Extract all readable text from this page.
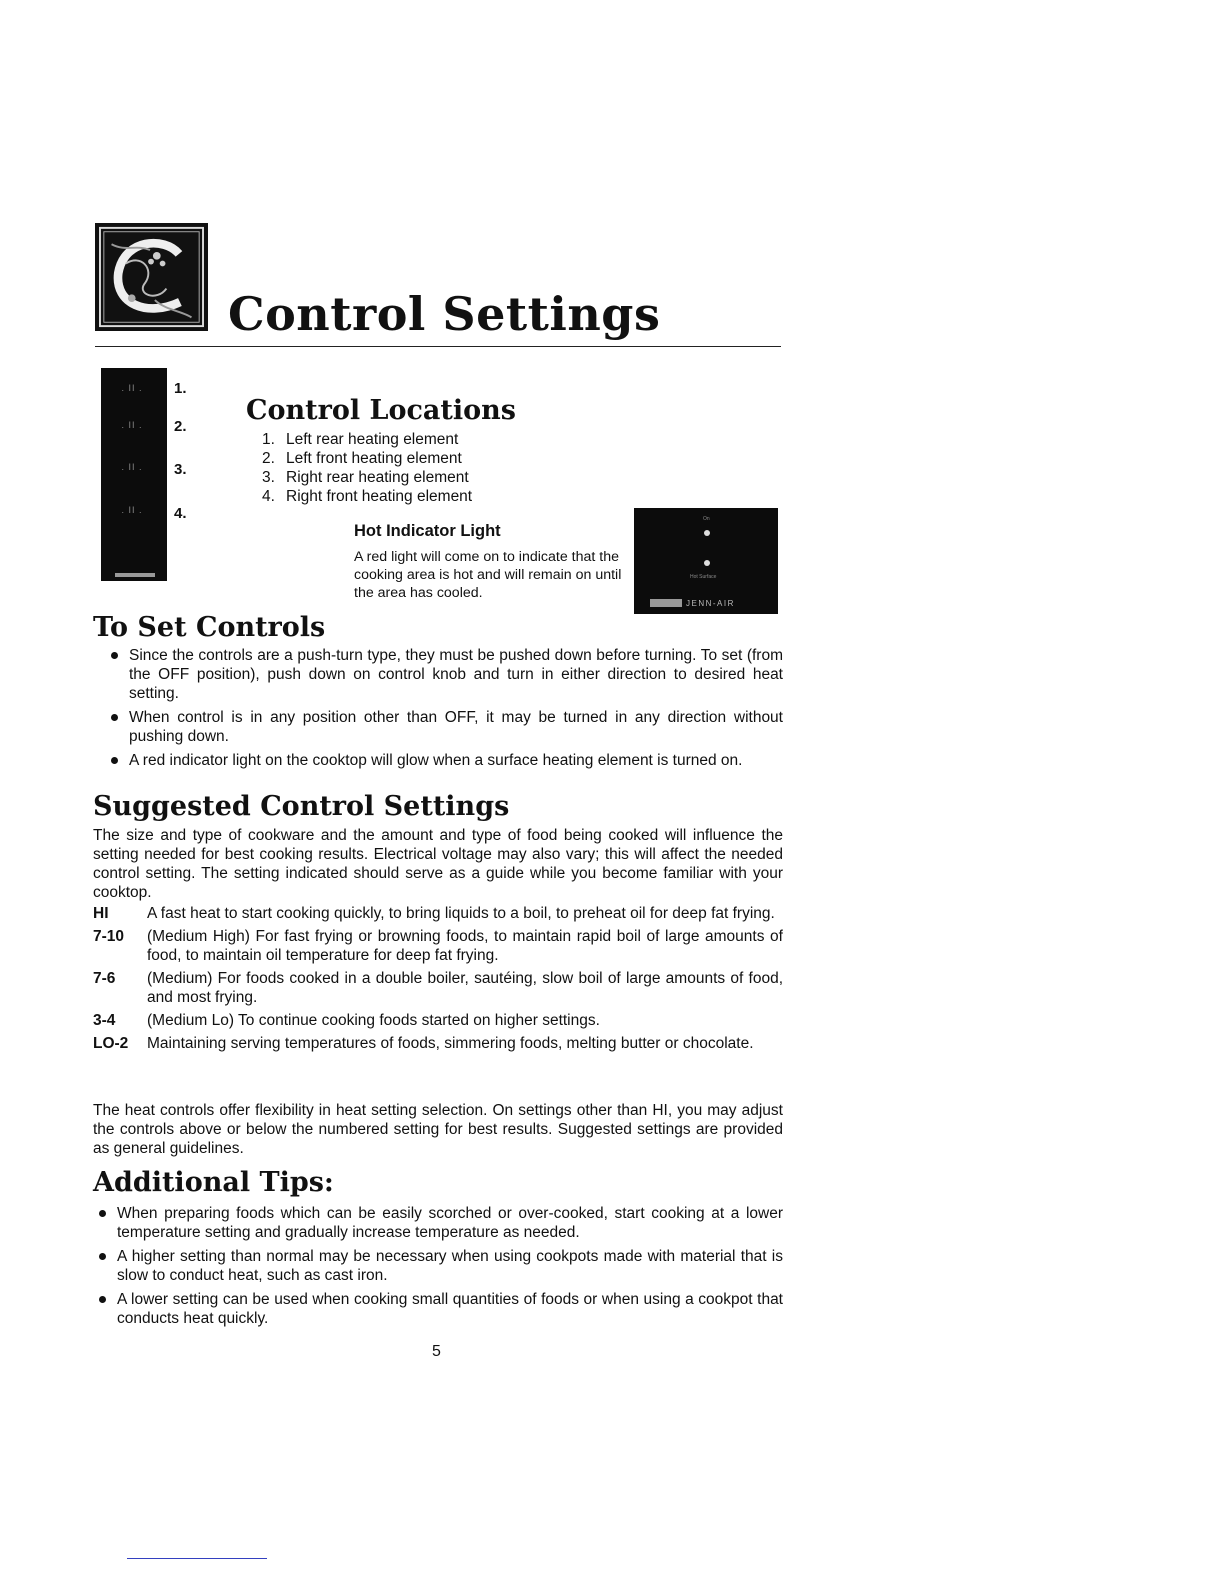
Control Settings
. II .
. II .
. II .
. II .
1.
2.
3.
4.
Control Locations
1. Left rear heating element
2. Left front heating element
3. Right rear heating element
4. Right front heating element
Hot Indicator Light

A red light will come on to indicate that the cooking area is hot and will remain on until the area has cooled.

On
Hot Surface
JENN-AIR
To Set Controls
Since the controls are a push-turn type, they must be pushed down before turning. To set (from the OFF position), push down on control knob and turn in either direction to desired heat setting.
When control is in any position other than OFF, it may be turned in any direction without pushing down.
A red indicator light on the cooktop will glow when a surface heating element is turned on.
Suggested Control Settings

The size and type of cookware and the amount and type of food being cooked will influence the setting needed for best cooking results. Electrical voltage may also vary; this will affect the needed control setting. The setting indicated should serve as a guide while you become familiar with your cooktop.

HI	A fast heat to start cooking quickly, to bring liquids to a boil, to preheat oil for deep fat frying.
7-10	(Medium High) For fast frying or browning foods, to maintain rapid boil of large amounts of food, to maintain oil temperature for deep fat frying.
7-6	(Medium) For foods cooked in a double boiler, sautéing, slow boil of large amounts of food, and most frying.
3-4	(Medium Lo) To continue cooking foods started on higher settings.
LO-2	Maintaining serving temperatures of foods, simmering foods, melting butter or chocolate.

The heat controls offer flexibility in heat setting selection. On settings other than HI, you may adjust the controls above or below the numbered setting for best results. Suggested settings are provided as general guidelines.

Additional Tips:
When preparing foods which can be easily scorched or over-cooked, start cooking at a lower temperature setting and gradually increase temperature as needed.
A higher setting than normal may be necessary when using cookpots made with material that is slow to conduct heat, such as cast iron.
A lower setting can be used when cooking small quantities of foods or when using a cookpot that conducts heat quickly.
5
